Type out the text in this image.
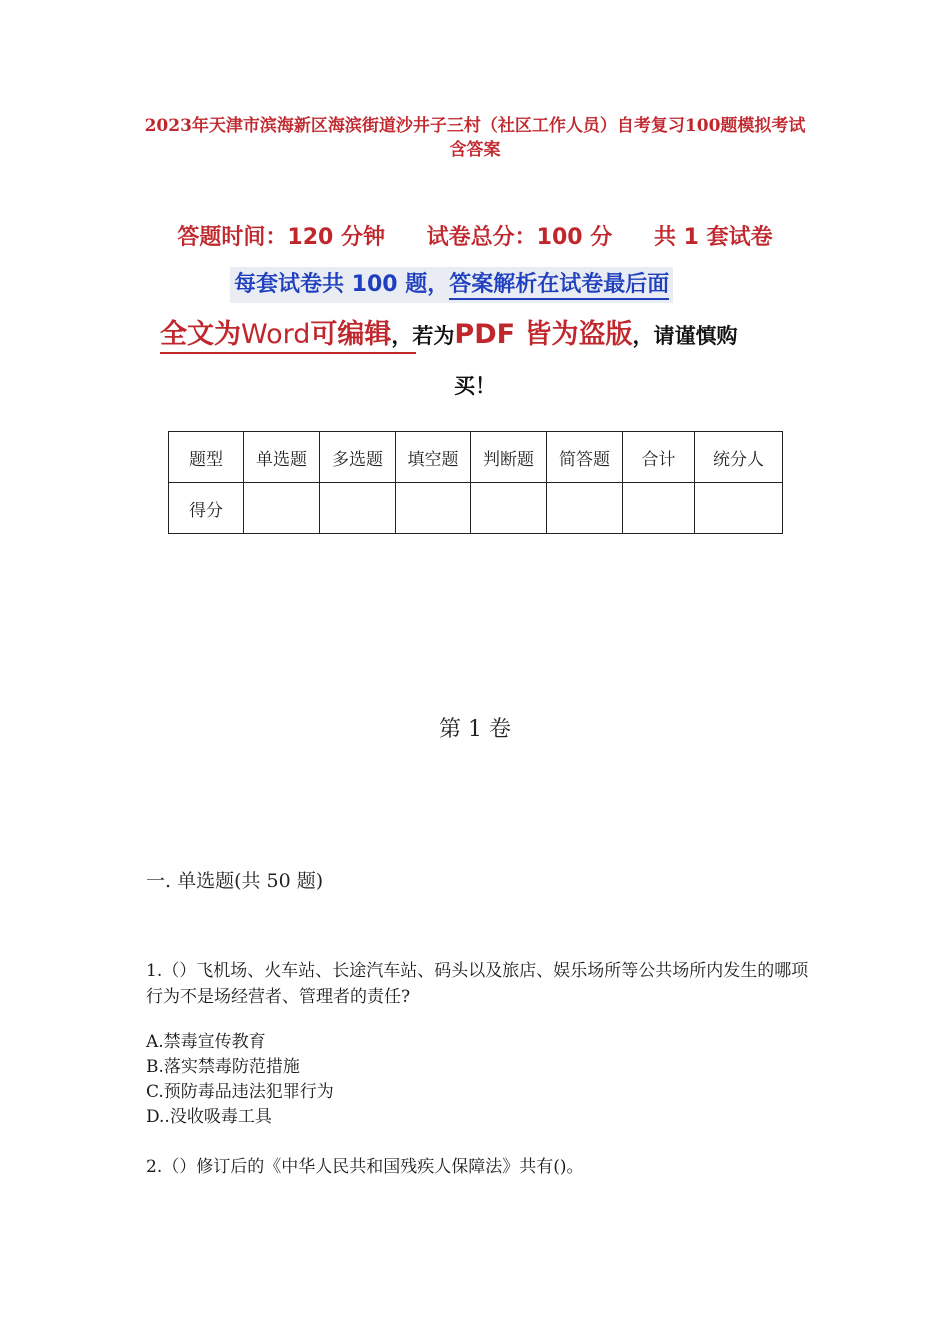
2023年天津市滨海新区海滨街道沙井子三村（社区工作人员）自考复习100题模拟考试含答案
答题时间：120 分钟 试卷总分：100 分 共 1 套试卷
每套试卷共 100 题，答案解析在试卷最后面
全文为Word可编辑，若为PDF 皆为盗版，请谨慎购
买！
题型	单选题	多选题	填空题	判断题	简答题	合计	统分人
得分							
第 1 卷
一. 单选题(共 50 题)
1.（）飞机场、火车站、长途汽车站、码头以及旅店、娱乐场所等公共场所内发生的哪项行为不是场经营者、管理者的责任?
A.禁毒宣传教育
B.落实禁毒防范措施
C.预防毒品违法犯罪行为
D..没收吸毒工具
2.（）修订后的《中华人民共和国残疾人保障法》共有()。
